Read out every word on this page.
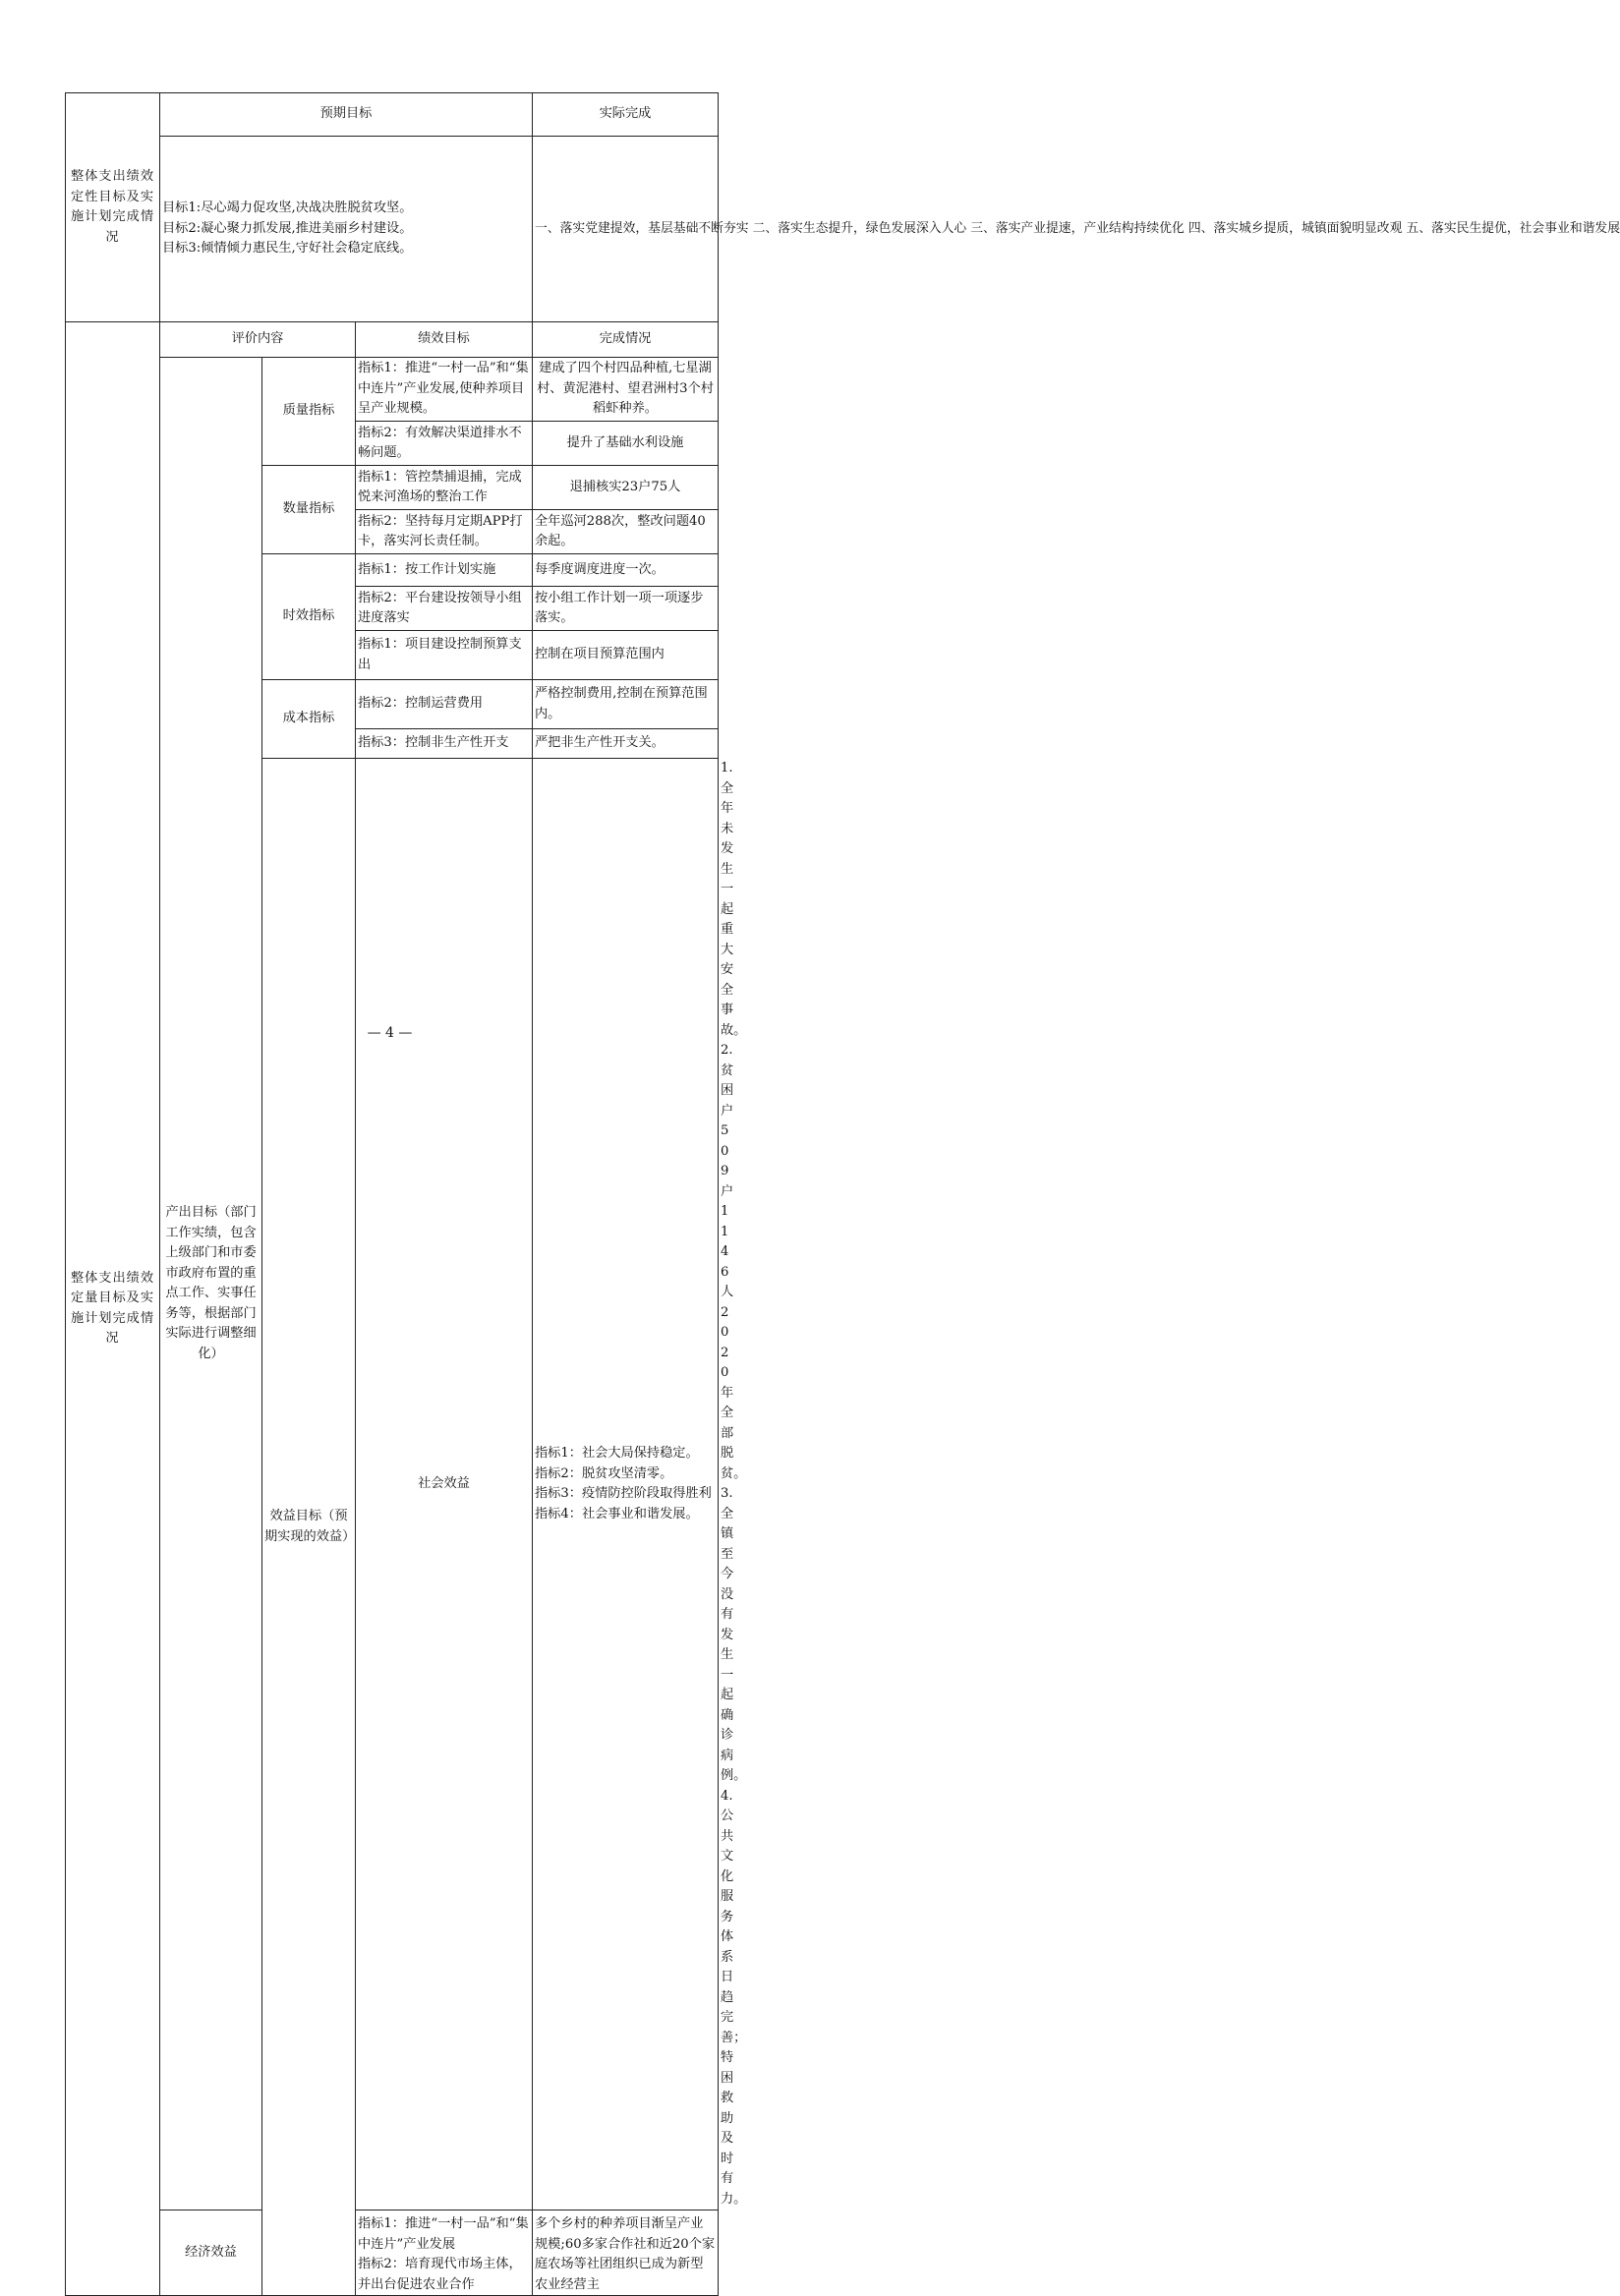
整体支出绩效定性目标及实施计划完成情况	预期目标			实际完成	
	目标1:尽心竭力促攻坚,决战决胜脱贫攻坚。
目标2:凝心聚力抓发展,推进美丽乡村建设。
目标3:倾情倾力惠民生,守好社会稳定底线。			一、落实党建提效，基层基础不断夯实 二、落实生态提升，绿色发展深入人心 三、落实产业提速，产业结构持续优化 四、落实城乡提质，城镇面貌明显改观 五、落实民生提优，社会事业和谐发展	
整体支出绩效定量目标及实施计划完成情况	评价内容		绩效目标	完成情况	
	产出目标（部门工作实绩，包含上级部门和市委市政府布置的重点工作、实事任务等，根据部门实际进行调整细化）	质量指标	指标1：推进“一村一品”和“集中连片”产业发展,使种养项目呈产业规模。	建成了四个村四品种植,七星湖村、黄泥港村、望君洲村3个村稻虾种养。	
			指标2：有效解决渠道排水不畅问题。	提升了基础水利设施	
		数量指标	指标1：管控禁捕退捕，完成悦来河渔场的整治工作	退捕核实23户75人	
			指标2：坚持每月定期APP打卡，落实河长责任制。	全年巡河288次，整改问题40余起。	
		时效指标	指标1：按工作计划实施	每季度调度进度一次。	
			指标2：平台建设按领导小组进度落实	按小组工作计划一项一项逐步落实。	
			指标1：项目建设控制预算支出	控制在项目预算范围内	
		成本指标	指标2：控制运营费用	严格控制费用,控制在预算范围内。	
			指标3：控制非生产性开支	严把非生产性开支关。	
		效益目标（预期实现的效益）	社会效益	指标1：社会大局保持稳定。
指标2：脱贫攻坚清零。
指标3：疫情防控阶段取得胜利
指标4：社会事业和谐发展。	1. 全年未发生一起重大安全事故。
2. 贫困户509户1146人2020年全部脱贫。
3. 全镇至今没有发生一起确诊病例。
4. 公共文化服务体系日趋完善；特困救助及时有力。
	经济效益		指标1：推进“一村一品”和“集中连片”产业发展
指标2：培育现代市场主体，并出台促进农业合作	多个乡村的种养项目渐呈产业规模;60多家合作社和近20个家庭农场等社团组织已成为新型农业经营主	
— 4 —
